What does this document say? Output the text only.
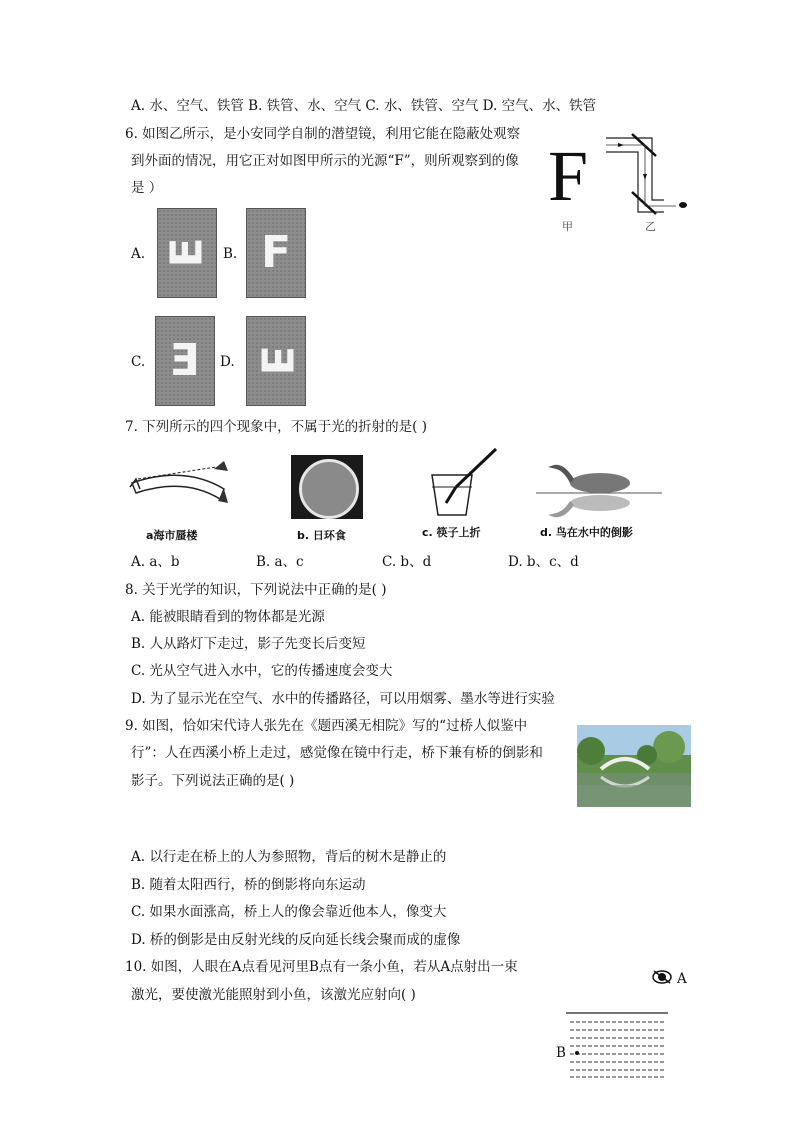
A. 水、空气、铁管 B. 铁管、水、空气 C. 水、铁管、空气 D. 空气、水、铁管
6. 如图乙所示，是小安同学自制的潜望镜，利用它能在隐蔽处观察
到外面的情况，用它正对如图甲所示的光源“F”，则所观察到的像
是 ）	F
甲	乙
A. E B. F
C. E D. E
7. 下列所示的四个现象中，不属于光的折射的是( )
a海市蜃楼	b. 日环食	c. 筷子上折	d. 鸟在水中的倒影
A. a、b	B. a、c	C. b、d	D. b、c、d
8. 关于光学的知识，下列说法中正确的是( )
A. 能被眼睛看到的物体都是光源
B. 人从路灯下走过，影子先变长后变短
C. 光从空气进入水中，它的传播速度会变大
D. 为了显示光在空气、水中的传播路径，可以用烟雾、墨水等进行实验
9. 如图，恰如宋代诗人张先在《题西溪无相院》写的“过桥人似鉴中
行”：人在西溪小桥上走过，感觉像在镜中行走，桥下兼有桥的倒影和
影子。下列说法正确的是( )
A. 以行走在桥上的人为参照物，背后的树木是静止的
B. 随着太阳西行，桥的倒影将向东运动
C. 如果水面涨高，桥上人的像会靠近他本人，像变大
D. 桥的倒影是由反射光线的反向延长线会聚而成的虚像
10. 如图，人眼在A点看见河里B点有一条小鱼，若从A点射出一束
激光，要使激光能照射到小鱼，该激光应射向( )
A
B
